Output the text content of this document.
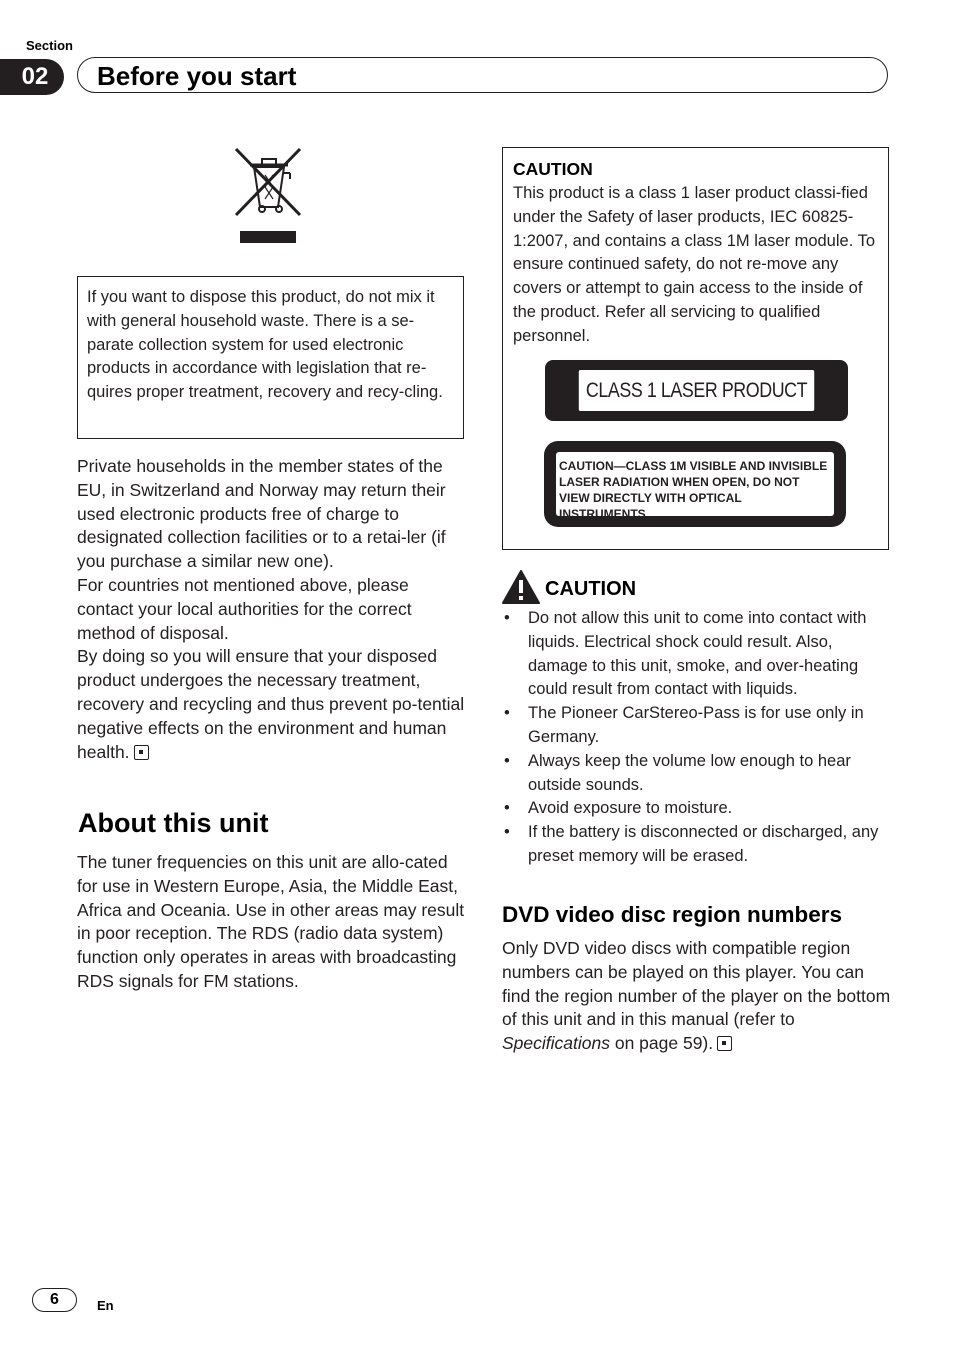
Section
02	Before you start
If you want to dispose this product, do not mix it with general household waste. There is a se-parate collection system for used electronic products in accordance with legislation that re-quires proper treatment, recovery and recy-cling.
Private households in the member states of the EU, in Switzerland and Norway may return their used electronic products free of charge to designated collection facilities or to a retai-ler (if you purchase a similar new one).
For countries not mentioned above, please contact your local authorities for the correct method of disposal.
By doing so you will ensure that your disposed product undergoes the necessary treatment, recovery and recycling and thus prevent po-tential negative effects on the environment and human health.
About this unit
The tuner frequencies on this unit are allo-cated for use in Western Europe, Asia, the Middle East, Africa and Oceania. Use in other areas may result in poor reception. The RDS (radio data system) function only operates in areas with broadcasting RDS signals for FM stations.
CAUTION
This product is a class 1 laser product classi-fied under the Safety of laser products, IEC 60825-1:2007, and contains a class 1M laser module. To ensure continued safety, do not re-move any covers or attempt to gain access to the inside of the product. Refer all servicing to qualified personnel.
CLASS 1 LASER PRODUCT
CAUTION—CLASS 1M VISIBLE AND INVISIBLE LASER RADIATION WHEN OPEN, DO NOT VIEW DIRECTLY WITH OPTICAL INSTRUMENTS.
CAUTION
• Do not allow this unit to come into contact with liquids. Electrical shock could result. Also, damage to this unit, smoke, and over-heating could result from contact with liquids.
• The Pioneer CarStereo-Pass is for use only in Germany.
• Always keep the volume low enough to hear outside sounds.
• Avoid exposure to moisture.
• If the battery is disconnected or discharged, any preset memory will be erased.
DVD video disc region numbers
Only DVD video discs with compatible region numbers can be played on this player. You can find the region number of the player on the bottom of this unit and in this manual (refer to Specifications on page 59).
6	En
